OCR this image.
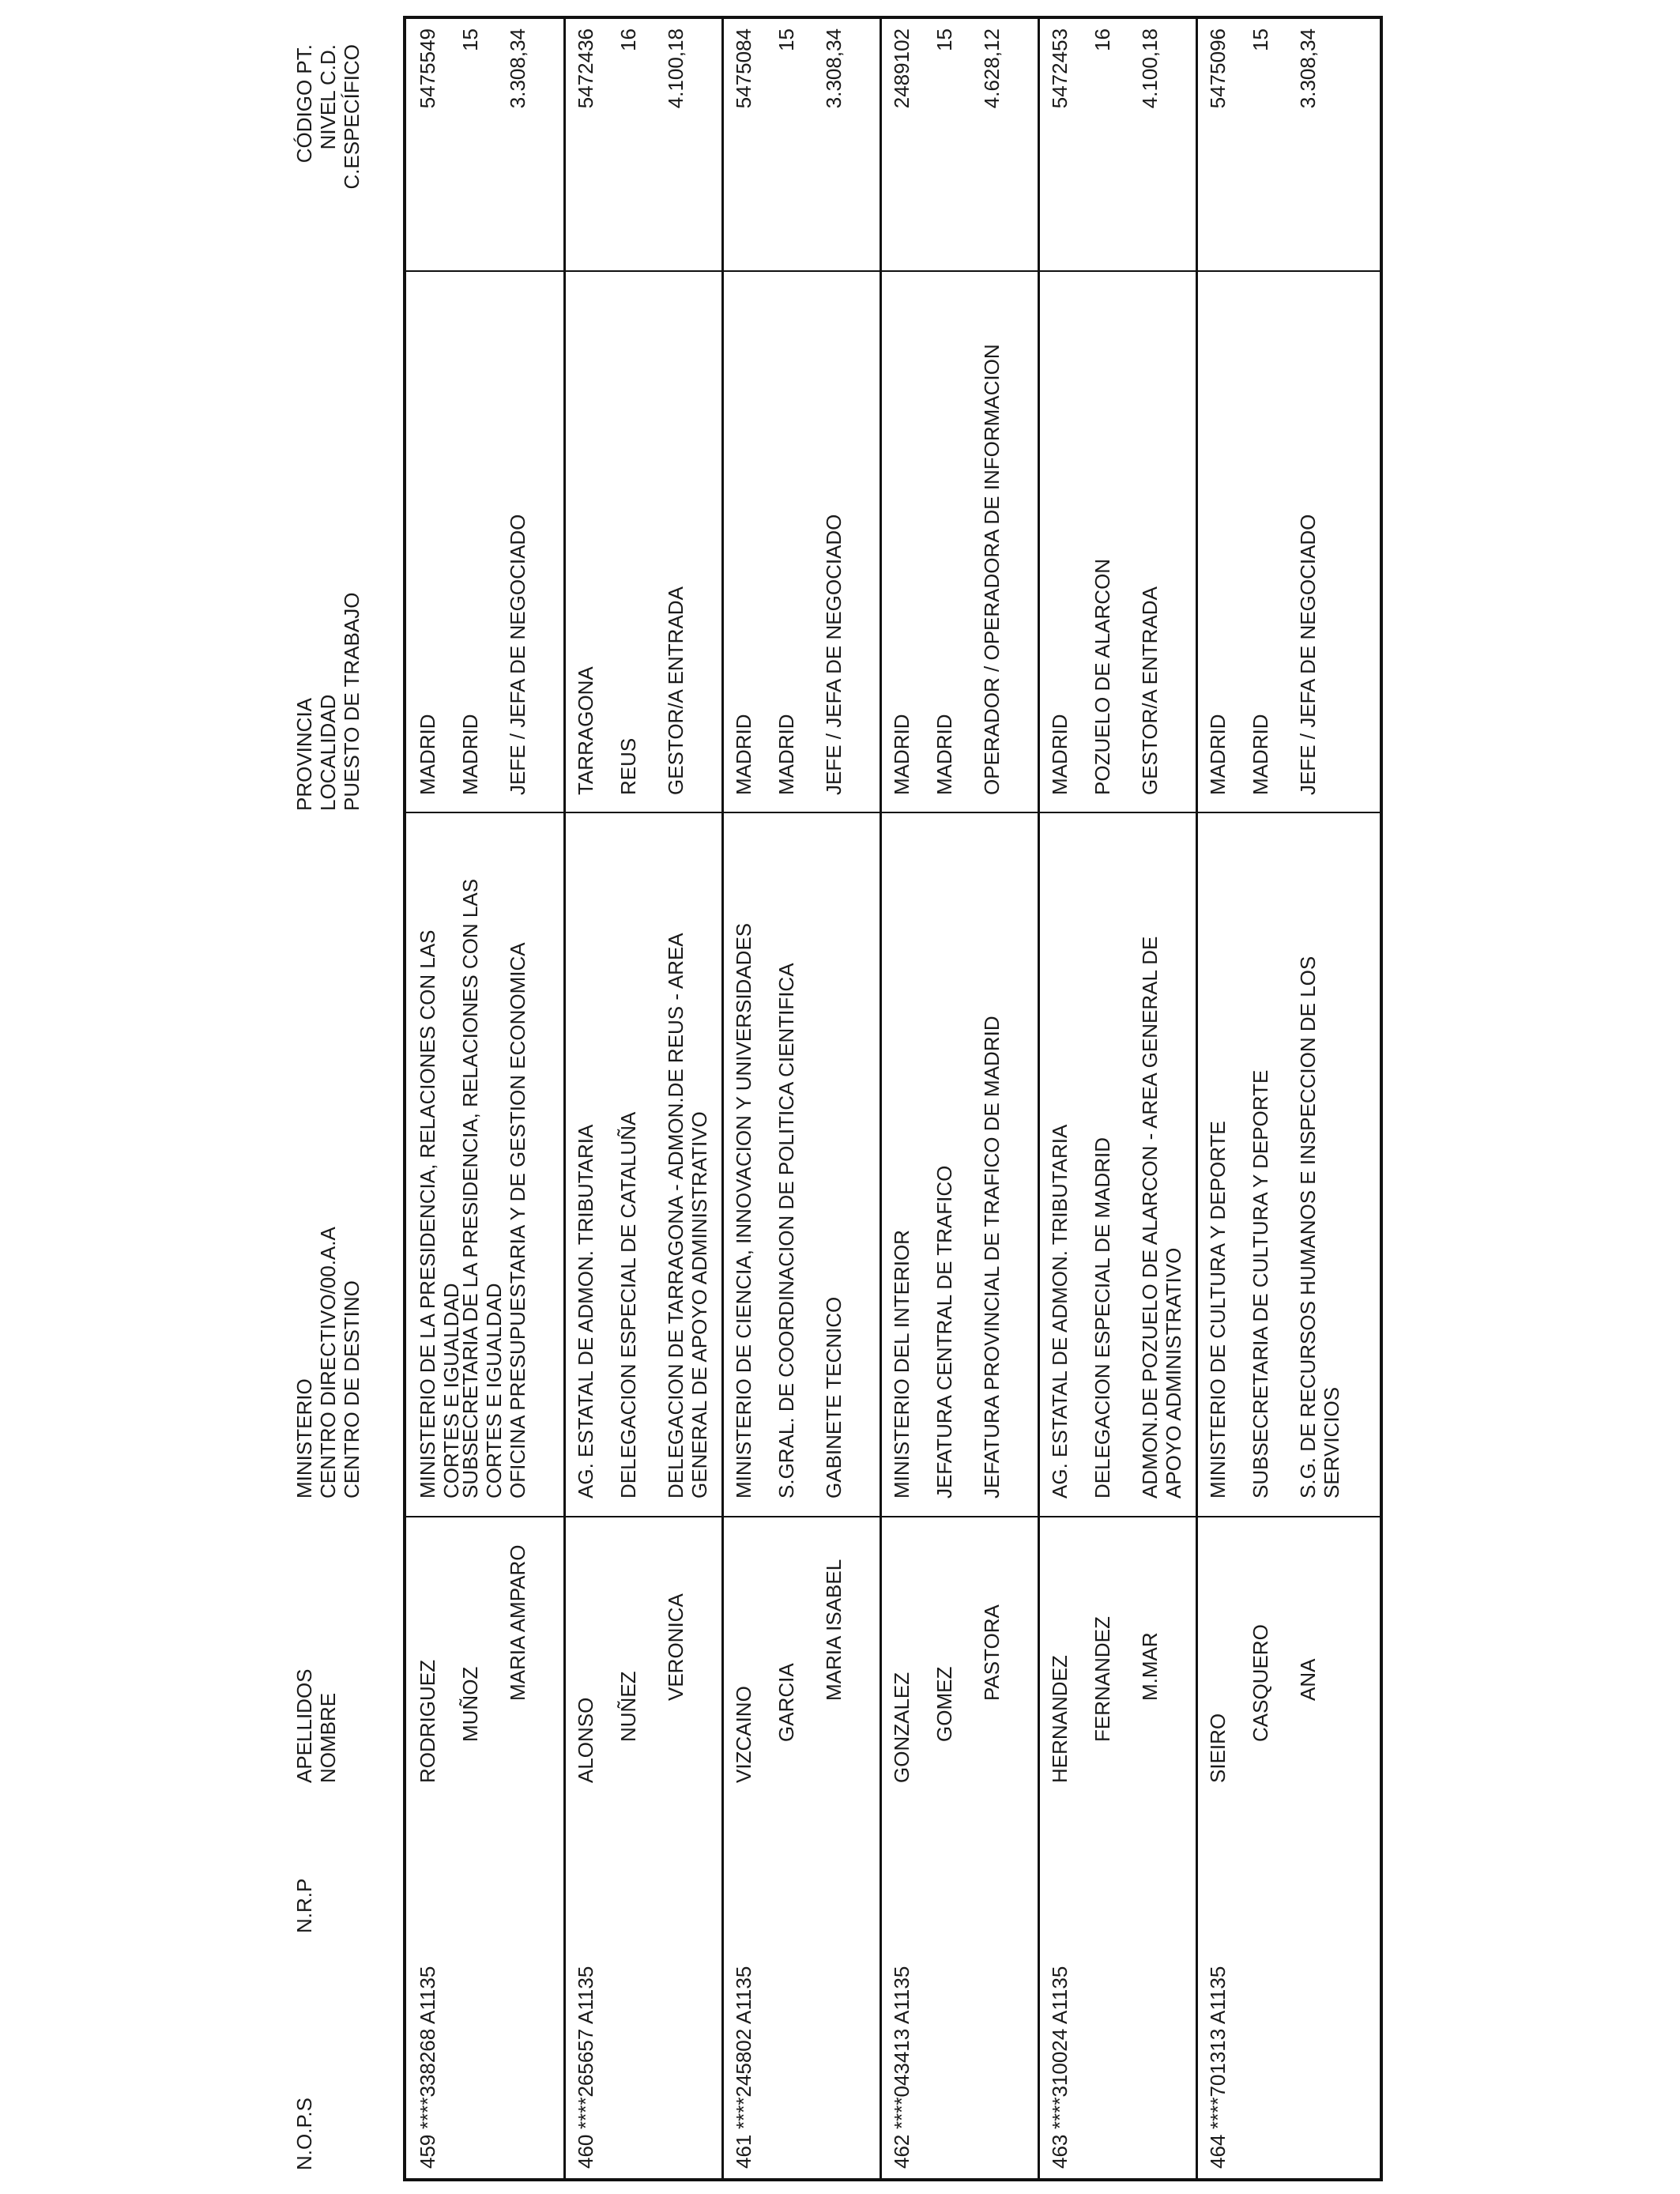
N.O.P.S
N.R.P
APELLIDOS NOMBRE
MINISTERIO CENTRO DIRECTIVO/00.A.A CENTRO DE DESTINO
PROVINCIA LOCALIDAD PUESTO DE TRABAJO
CÓDIGO PT. NIVEL C.D. C.ESPECÍFICO
459
****338268 A1135
RODRIGUEZ
MINISTERIO DE LA PRESIDENCIA, RELACIONES CON LAS CORTES E IGUALDAD
MADRID
5475549
MUÑOZ
SUBSECRETARIA DE LA PRESIDENCIA, RELACIONES CON LAS CORTES E IGUALDAD
MADRID
15
MARIA AMPARO
OFICINA PRESUPUESTARIA Y DE GESTION ECONOMICA
JEFE / JEFA DE NEGOCIADO
3.308,34
460
****265657 A1135
ALONSO
AG. ESTATAL DE ADMON. TRIBUTARIA
TARRAGONA
5472436
NUÑEZ
DELEGACION ESPECIAL DE CATALUÑA
REUS
16
VERONICA
DELEGACION DE TARRAGONA - ADMON.DE REUS - AREA GENERAL DE APOYO ADMINISTRATIVO
GESTOR/A ENTRADA
4.100,18
461
****245802 A1135
VIZCAINO
MINISTERIO DE CIENCIA, INNOVACION Y UNIVERSIDADES
MADRID
5475084
GARCIA
S.GRAL. DE COORDINACION DE POLITICA CIENTIFICA
MADRID
15
MARIA ISABEL
GABINETE TECNICO
JEFE / JEFA DE NEGOCIADO
3.308,34
462
****043413 A1135
GONZALEZ
MINISTERIO DEL INTERIOR
MADRID
2489102
GOMEZ
JEFATURA CENTRAL DE TRAFICO
MADRID
15
PASTORA
JEFATURA PROVINCIAL DE TRAFICO DE MADRID
OPERADOR / OPERADORA DE INFORMACION
4.628,12
463
****310024 A1135
HERNANDEZ
AG. ESTATAL DE ADMON. TRIBUTARIA
MADRID
5472453
FERNANDEZ
DELEGACION ESPECIAL DE MADRID
POZUELO DE ALARCON
16
M.MAR
ADMON.DE POZUELO DE ALARCON - AREA GENERAL DE APOYO ADMINISTRATIVO
GESTOR/A ENTRADA
4.100,18
464
****701313 A1135
SIEIRO
MINISTERIO DE CULTURA Y DEPORTE
MADRID
5475096
CASQUERO
SUBSECRETARIA DE CULTURA Y DEPORTE
MADRID
15
ANA
S.G. DE RECURSOS HUMANOS E INSPECCION DE LOS SERVICIOS
JEFE / JEFA DE NEGOCIADO
3.308,34
